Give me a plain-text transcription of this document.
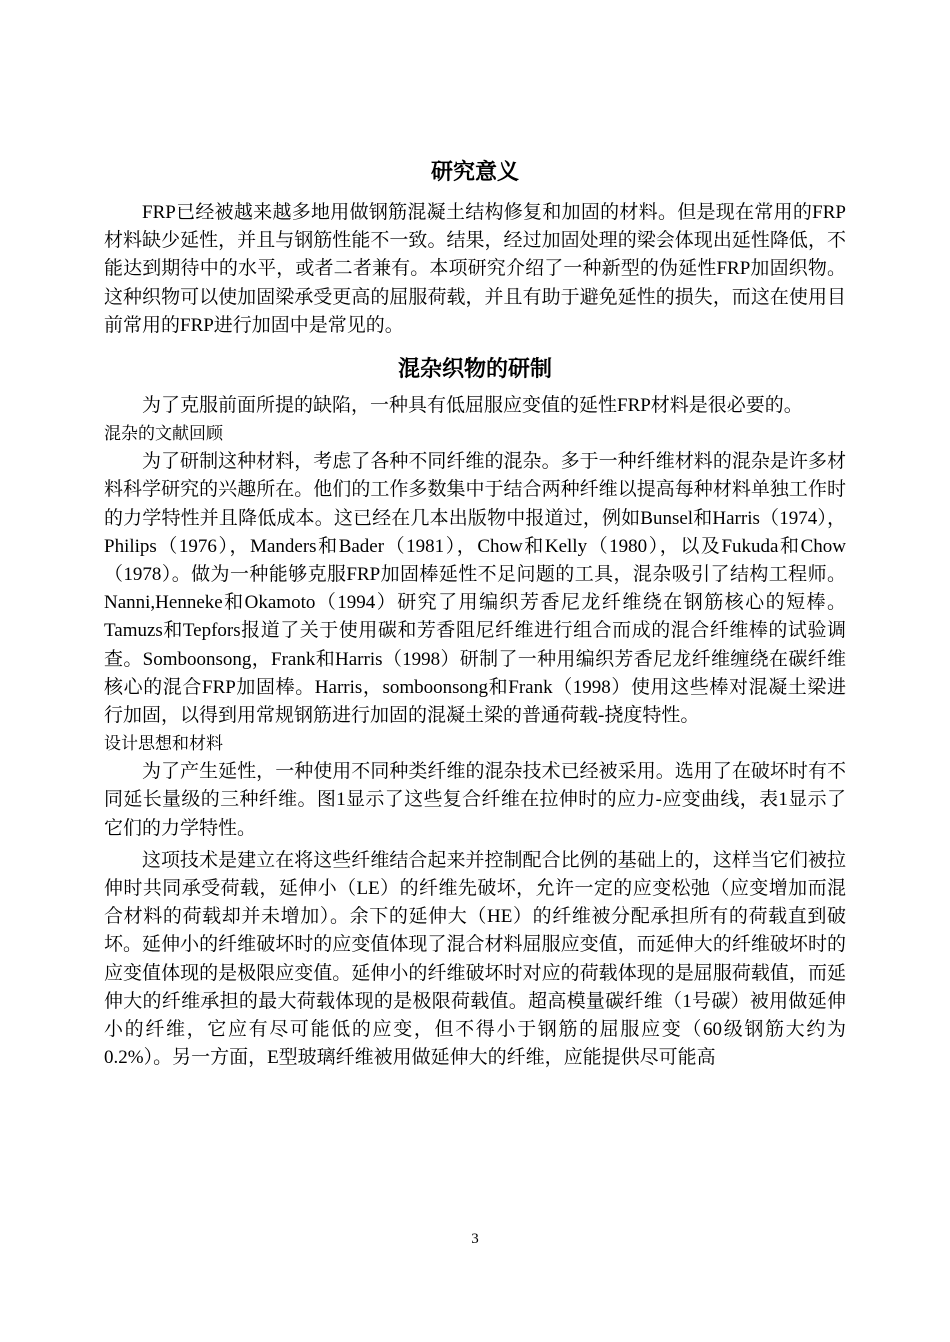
研究意义

FRP已经被越来越多地用做钢筋混凝土结构修复和加固的材料。但是现在常用的FRP材料缺少延性，并且与钢筋性能不一致。结果，经过加固处理的梁会体现出延性降低，不能达到期待中的水平，或者二者兼有。本项研究介绍了一种新型的伪延性FRP加固织物。这种织物可以使加固梁承受更高的屈服荷载，并且有助于避免延性的损失，而这在使用目前常用的FRP进行加固中是常见的。

混杂织物的研制

为了克服前面所提的缺陷，一种具有低屈服应变值的延性FRP材料是很必要的。

混杂的文献回顾

为了研制这种材料，考虑了各种不同纤维的混杂。多于一种纤维材料的混杂是许多材料科学研究的兴趣所在。他们的工作多数集中于结合两种纤维以提高每种材料单独工作时的力学特性并且降低成本。这已经在几本出版物中报道过，例如Bunsel和Harris（1974），Philips（1976），Manders和Bader（1981），Chow和Kelly（1980），以及Fukuda和Chow（1978）。做为一种能够克服FRP加固棒延性不足问题的工具，混杂吸引了结构工程师。Nanni,Henneke和Okamoto（1994）研究了用编织芳香尼龙纤维绕在钢筋核心的短棒。Tamuzs和Tepfors报道了关于使用碳和芳香阻尼纤维进行组合而成的混合纤维棒的试验调查。Somboonsong，Frank和Harris（1998）研制了一种用编织芳香尼龙纤维缠绕在碳纤维核心的混合FRP加固棒。Harris，somboonsong和Frank（1998）使用这些棒对混凝土梁进行加固，以得到用常规钢筋进行加固的混凝土梁的普通荷载-挠度特性。

设计思想和材料

为了产生延性，一种使用不同种类纤维的混杂技术已经被采用。选用了在破坏时有不同延长量级的三种纤维。图1显示了这些复合纤维在拉伸时的应力-应变曲线，表1显示了它们的力学特性。

这项技术是建立在将这些纤维结合起来并控制配合比例的基础上的，这样当它们被拉伸时共同承受荷载，延伸小（LE）的纤维先破坏，允许一定的应变松弛（应变增加而混合材料的荷载却并未增加）。余下的延伸大（HE）的纤维被分配承担所有的荷载直到破坏。延伸小的纤维破坏时的应变值体现了混合材料屈服应变值，而延伸大的纤维破坏时的应变值体现的是极限应变值。延伸小的纤维破坏时对应的荷载体现的是屈服荷载值，而延伸大的纤维承担的最大荷载体现的是极限荷载值。超高模量碳纤维（1号碳）被用做延伸小的纤维，它应有尽可能低的应变，但不得小于钢筋的屈服应变（60级钢筋大约为0.2%）。另一方面，E型玻璃纤维被用做延伸大的纤维，应能提供尽可能高

3
